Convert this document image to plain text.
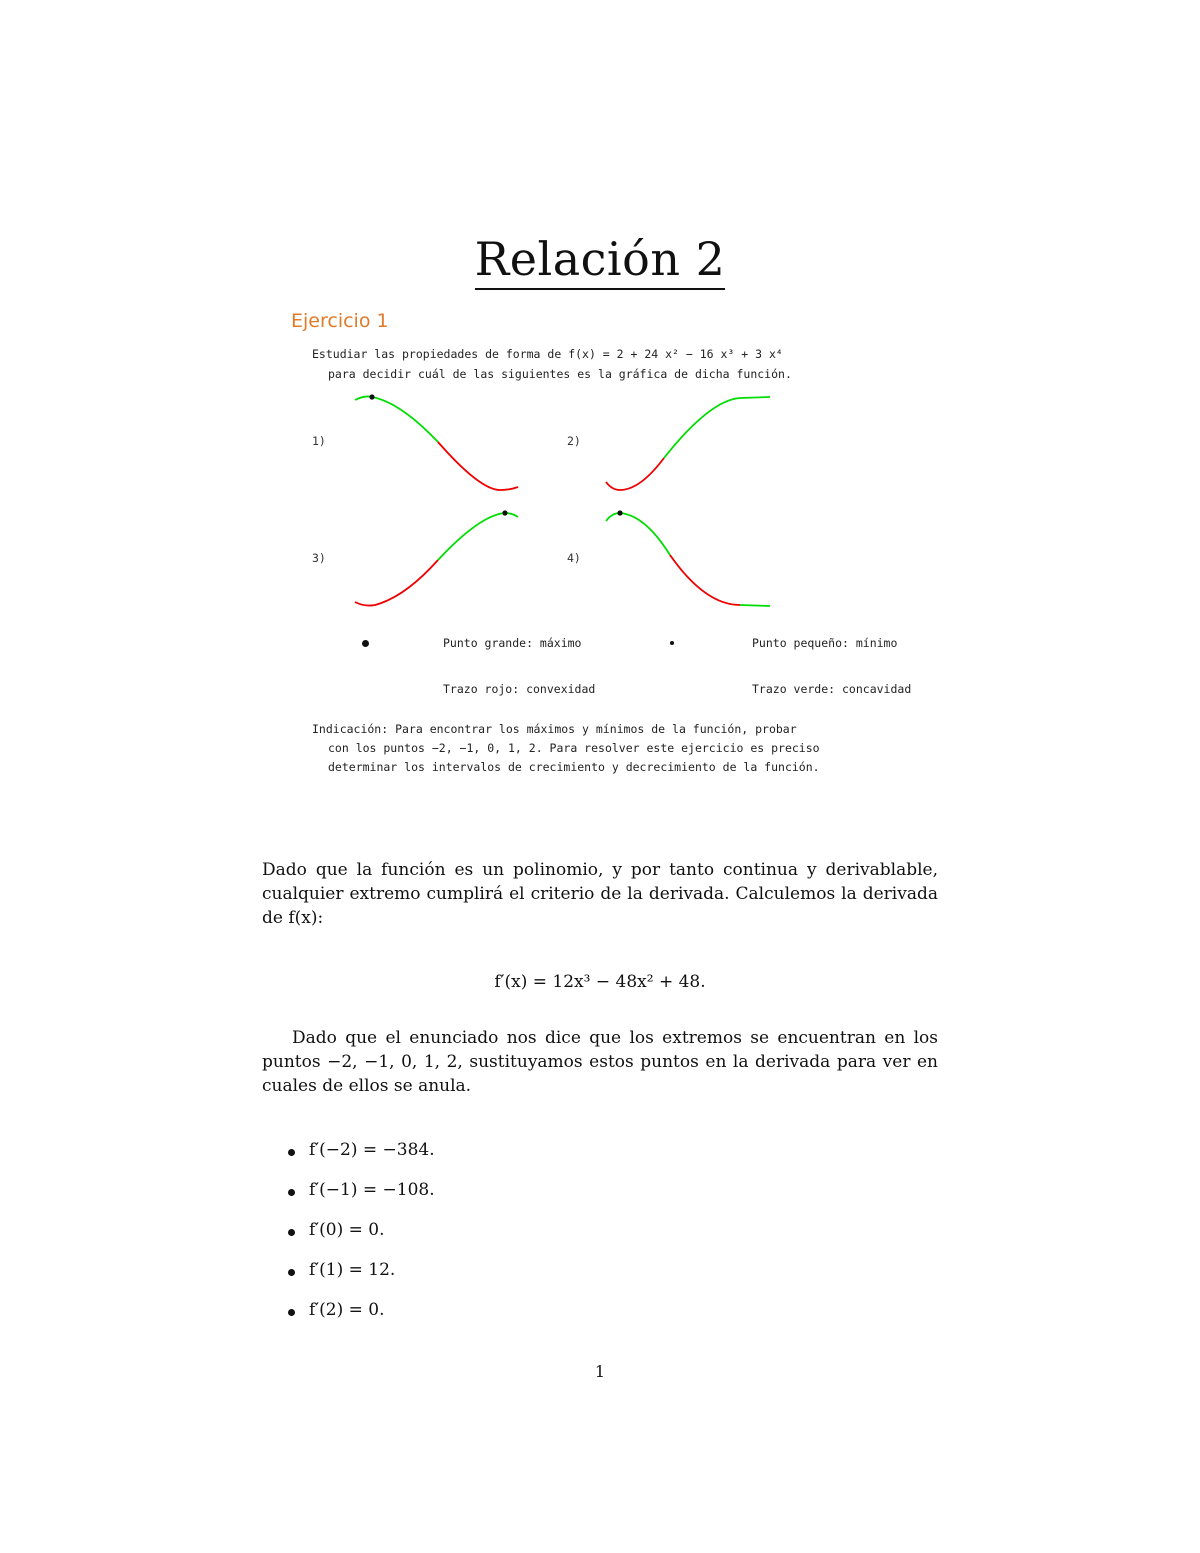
Relación 2
Ejercicio 1
Estudiar las propiedades de forma de f(x) = 2 + 24 x² − 16 x³ + 3 x⁴
para decidir cuál de las siguientes es la gráfica de dicha función.
1)	2)
3)	4)
Punto grande: máximo	Punto pequeño: mínimo
Trazo rojo: convexidad	Trazo verde: concavidad
Indicación: Para encontrar los máximos y mínimos de la función, probar
con los puntos −2, −1, 0, 1, 2. Para resolver este ejercicio es preciso
determinar los intervalos de crecimiento y decrecimiento de la función.
Dado que la función es un polinomio, y por tanto continua y derivablable, cualquier extremo cumplirá el criterio de la derivada. Calculemos la derivada de f(x):
f′(x) = 12x³ − 48x² + 48.
Dado que el enunciado nos dice que los extremos se encuentran en los puntos −2, −1, 0, 1, 2, sustituyamos estos puntos en la derivada para ver en cuales de ellos se anula.
f′(−2) = −384.
f′(−1) = −108.
f′(0) = 0.
f′(1) = 12.
f′(2) = 0.
1
